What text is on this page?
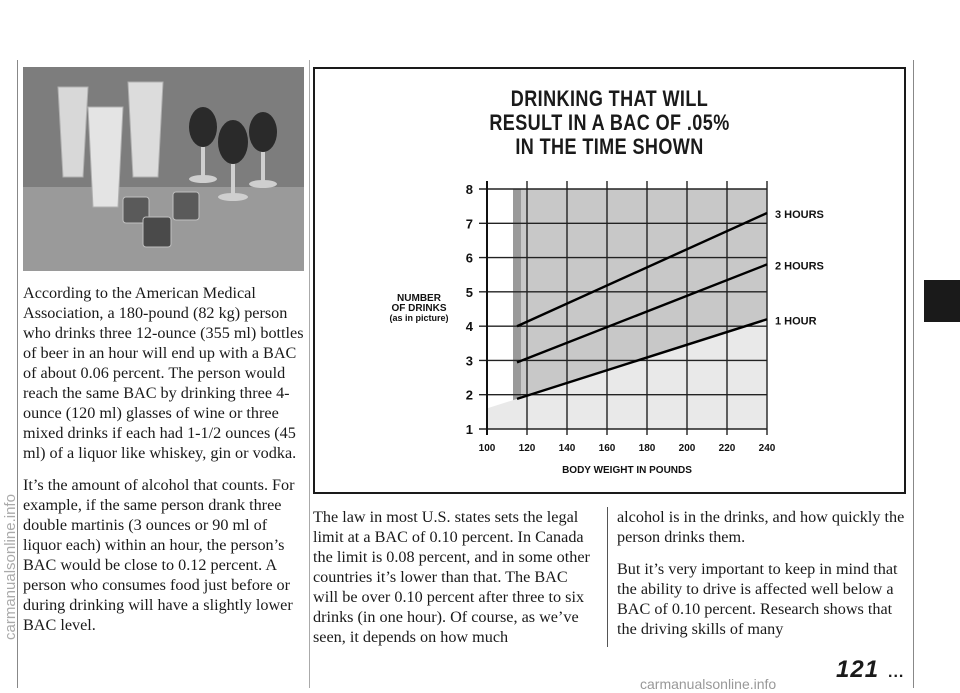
According to the American Medical Association, a 180-pound (82 kg) person who drinks three 12-ounce (355 ml) bottles of beer in an hour will end up with a BAC of about 0.06 percent. The person would reach the same BAC by drinking three 4-ounce (120 ml) glasses of wine or three mixed drinks if each had 1-1/2 ounces (45 ml) of a liquor like whiskey, gin or vodka.

It’s the amount of alcohol that counts. For example, if the same person drank three double martinis (3 ounces or 90 ml of liquor each) within an hour, the person’s BAC would be close to 0.12 percent. A person who consumes food just before or during drinking will have a slightly lower BAC level.

DRINKING THAT WILL
RESULT IN A BAC OF .05%
IN THE TIME SHOWN
1
2
3
4
5
6
7
8
100 120 140 160 180 200 220 240
BODY WEIGHT IN POUNDS
NUMBER
OF DRINKS
(as in picture)
3 HOURS
2 HOURS
1 HOUR

The law in most U.S. states sets the legal limit at a BAC of 0.10 percent. In Canada the limit is 0.08 percent, and in some other countries it’s lower than that. The BAC will be over 0.10 percent after three to six drinks (in one hour). Of course, as we’ve seen, it depends on how much

alcohol is in the drinks, and how quickly the person drinks them.

But it’s very important to keep in mind that the ability to drive is affected well below a BAC of 0.10 percent. Research shows that the driving skills of many

121 ...
carmanualsonline.info
carmanualsonline.info
